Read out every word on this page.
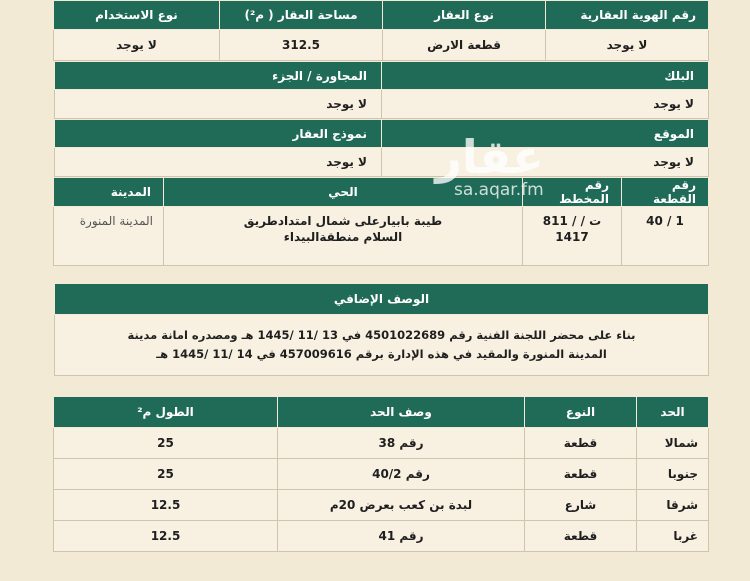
رقم الهوية العقارية	نوع العقار	مساحة العقار ( م²)	نوع الاستخدام
لا يوجد	قطعة الارض	312.5	لا يوجد
البلك	المجاورة / الجزء
لا يوجد	لا يوجد
الموقع	نموذج العقار
لا يوجد	لا يوجد
رقم القطعة	رقم المخطط	الحي	المدينة
40 / 1	811 / ت / 1417	طيبة بابيارعلى شمال امتدادطريق السلام منطقةالبيداء	المدينة المنورة
الوصف الإضافي

بناء على محضر اللجنة الفنية رقم 4501022689 في 13 /11 /1445 هـ ومصدره امانة مدينة
المدينة المنورة والمقيد في هذه الإدارة برقم 457009616 في 14 /11 /1445 هـ
الحد	النوع	وصف الحد	الطول م²
شمالا	قطعة	رقم 38	25
جنوبا	قطعة	رقم 40/2	25
شرقا	شارع	لبدة بن كعب بعرض 20م	12.5
غربا	قطعة	رقم 41	12.5
عقار
sa.aqar.fm
